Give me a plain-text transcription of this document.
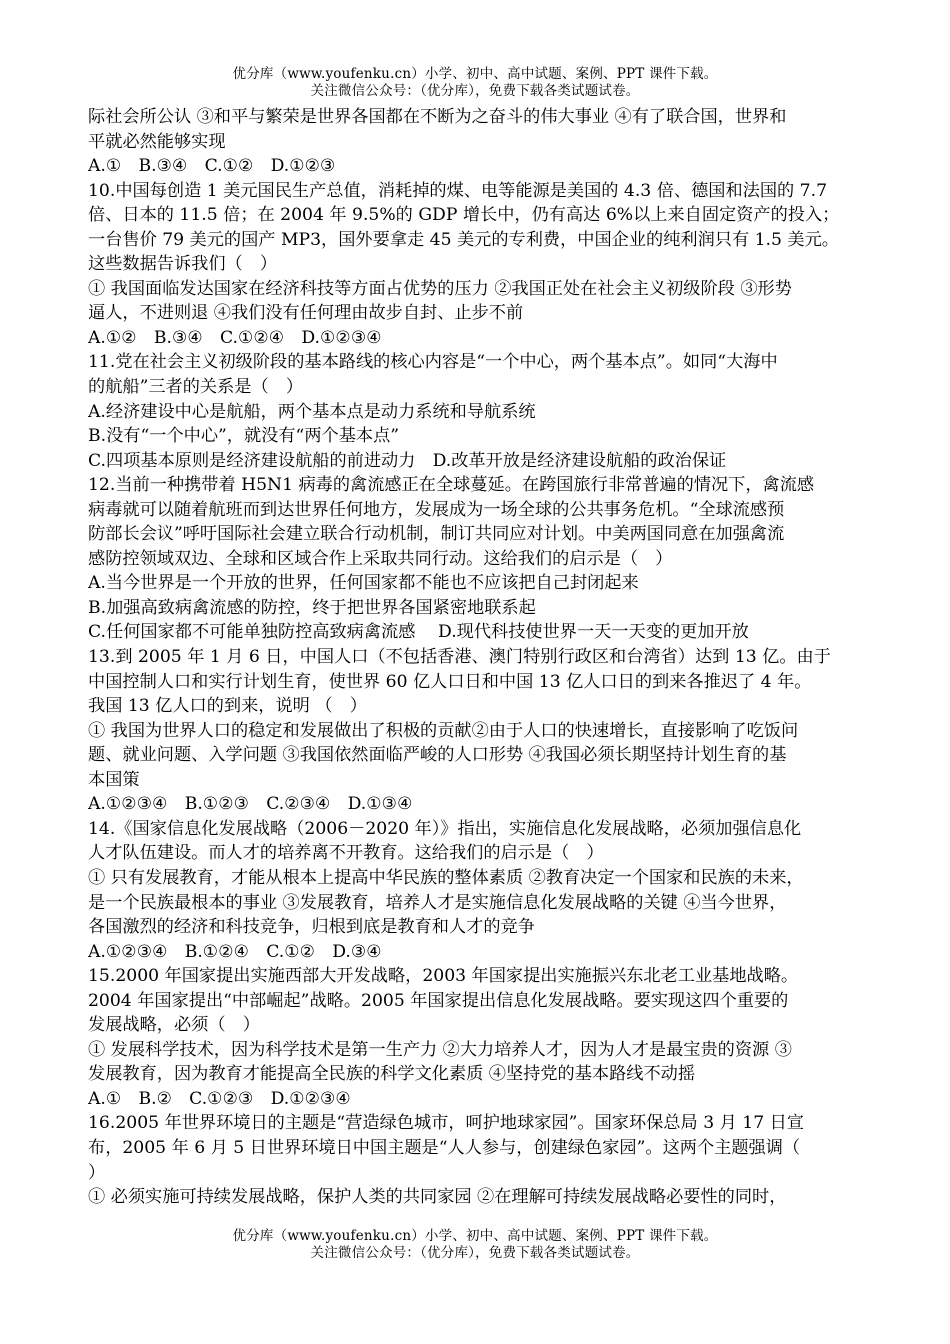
优分库（www.youfenku.cn）小学、初中、高中试题、案例、PPT 课件下载。
关注微信公众号：（优分库），免费下载各类试题试卷。
际社会所公认 ③和平与繁荣是世界各国都在不断为之奋斗的伟大事业 ④有了联合国，世界和
平就必然能够实现
A.①　B.③④　C.①②　D.①②③
10.中国每创造 1 美元国民生产总值，消耗掉的煤、电等能源是美国的 4.3 倍、德国和法国的 7.7
倍、日本的 11.5 倍；在 2004 年 9.5%的 GDP 增长中，仍有高达 6%以上来自固定资产的投入；
一台售价 79 美元的国产 MP3，国外要拿走 45 美元的专利费，中国企业的纯利润只有 1.5 美元。
这些数据告诉我们（　）
① 我国面临发达国家在经济科技等方面占优势的压力 ②我国正处在社会主义初级阶段 ③形势
逼人，不进则退 ④我们没有任何理由故步自封、止步不前
A.①②　B.③④　C.①②④　D.①②③④
11.党在社会主义初级阶段的基本路线的核心内容是“一个中心，两个基本点”。如同“大海中
的航船”三者的关系是（　）
A.经济建设中心是航船，两个基本点是动力系统和导航系统
B.没有“一个中心”，就没有“两个基本点”
C.四项基本原则是经济建设航船的前进动力　D.改革开放是经济建设航船的政治保证
12.当前一种携带着 H5N1 病毒的禽流感正在全球蔓延。在跨国旅行非常普遍的情况下，禽流感
病毒就可以随着航班而到达世界任何地方，发展成为一场全球的公共事务危机。“全球流感预
防部长会议”呼吁国际社会建立联合行动机制，制订共同应对计划。中美两国同意在加强禽流
感防控领域双边、全球和区域合作上采取共同行动。这给我们的启示是（　）
A.当今世界是一个开放的世界，任何国家都不能也不应该把自己封闭起来
B.加强高致病禽流感的防控，终于把世界各国紧密地联系起
C.任何国家都不可能单独防控高致病禽流感　 D.现代科技使世界一天一天变的更加开放
13.到 2005 年 1 月 6 日，中国人口（不包括香港、澳门特别行政区和台湾省）达到 13 亿。由于
中国控制人口和实行计划生育，使世界 60 亿人口日和中国 13 亿人口日的到来各推迟了 4 年。
我国 13 亿人口的到来，说明 （　）
① 我国为世界人口的稳定和发展做出了积极的贡献②由于人口的快速增长，直接影响了吃饭问
题、就业问题、入学问题 ③我国依然面临严峻的人口形势 ④我国必须长期坚持计划生育的基
本国策
A.①②③④　B.①②③　C.②③④　D.①③④
14.《国家信息化发展战略（2006－2020 年）》指出，实施信息化发展战略，必须加强信息化
人才队伍建设。而人才的培养离不开教育。这给我们的启示是（　）
① 只有发展教育，才能从根本上提高中华民族的整体素质 ②教育决定一个国家和民族的未来，
是一个民族最根本的事业 ③发展教育，培养人才是实施信息化发展战略的关键 ④当今世界，
各国激烈的经济和科技竞争，归根到底是教育和人才的竞争
A.①②③④　B.①②④　C.①②　D.③④
15.2000 年国家提出实施西部大开发战略，2003 年国家提出实施振兴东北老工业基地战略。
2004 年国家提出“中部崛起”战略。2005 年国家提出信息化发展战略。要实现这四个重要的
发展战略，必须（　）
① 发展科学技术，因为科学技术是第一生产力 ②大力培养人才，因为人才是最宝贵的资源 ③
发展教育，因为教育才能提高全民族的科学文化素质 ④坚持党的基本路线不动摇
A.①　B.②　C.①②③　D.①②③④
16.2005 年世界环境日的主题是“营造绿色城市，呵护地球家园”。国家环保总局 3 月 17 日宣
布，2005 年 6 月 5 日世界环境日中国主题是“人人参与，创建绿色家园”。这两个主题强调（
）
① 必须实施可持续发展战略，保护人类的共同家园 ②在理解可持续发展战略必要性的同时，
优分库（www.youfenku.cn）小学、初中、高中试题、案例、PPT 课件下载。
关注微信公众号：（优分库），免费下载各类试题试卷。
